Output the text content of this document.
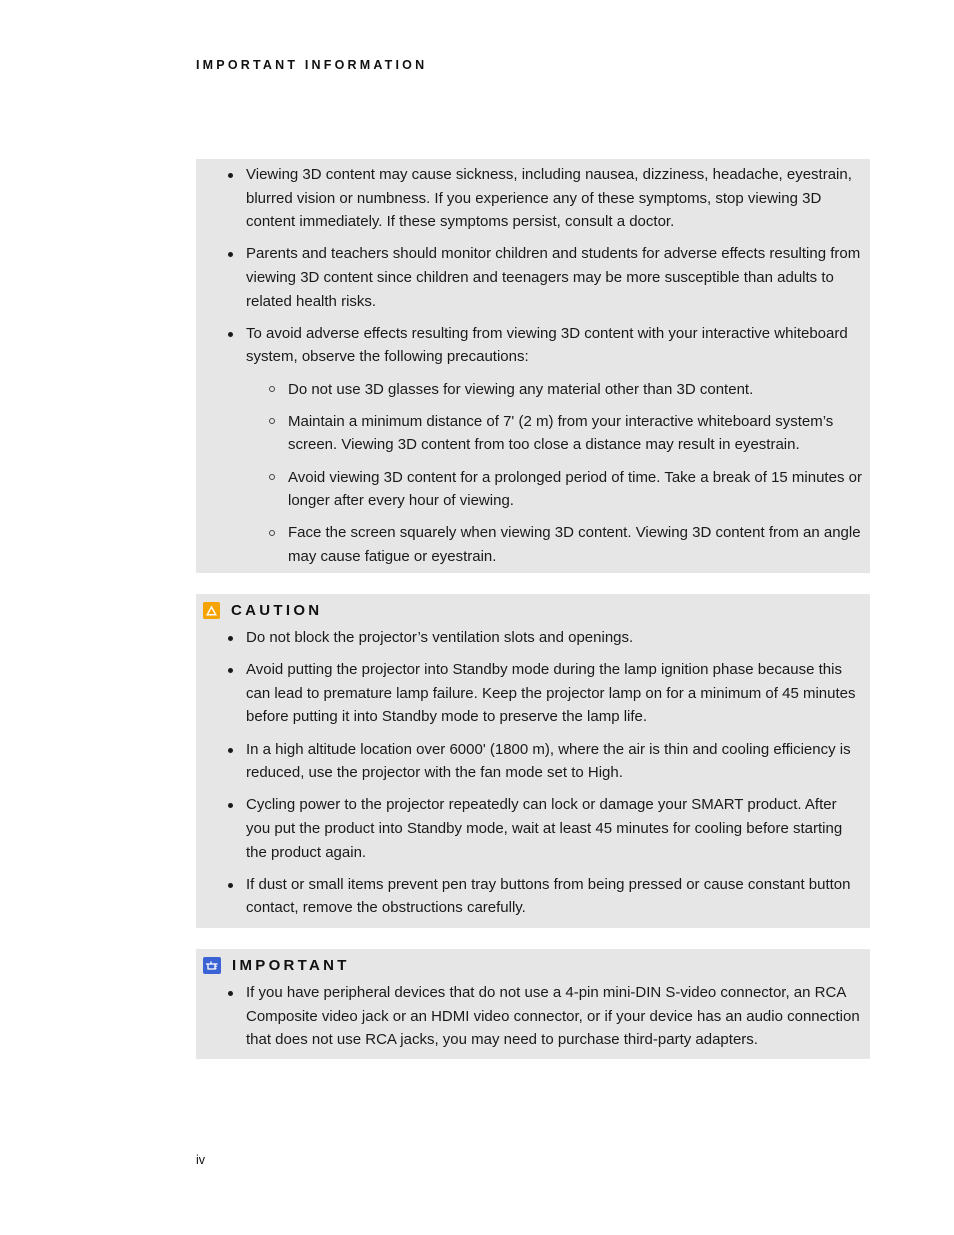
IMPORTANT INFORMATION
Viewing 3D content may cause sickness, including nausea, dizziness, headache, eyestrain, blurred vision or numbness. If you experience any of these symptoms, stop viewing 3D content immediately. If these symptoms persist, consult a doctor.
Parents and teachers should monitor children and students for adverse effects resulting from viewing 3D content since children and teenagers may be more susceptible than adults to related health risks.
To avoid adverse effects resulting from viewing 3D content with your interactive whiteboard system, observe the following precautions:
Do not use 3D glasses for viewing any material other than 3D content.
Maintain a minimum distance of 7' (2 m) from your interactive whiteboard system’s screen. Viewing 3D content from too close a distance may result in eyestrain.
Avoid viewing 3D content for a prolonged period of time. Take a break of 15 minutes or longer after every hour of viewing.
Face the screen squarely when viewing 3D content. Viewing 3D content from an angle may cause fatigue or eyestrain.
CAUTION
Do not block the projector’s ventilation slots and openings.
Avoid putting the projector into Standby mode during the lamp ignition phase because this can lead to premature lamp failure. Keep the projector lamp on for a minimum of 45 minutes before putting it into Standby mode to preserve the lamp life.
In a high altitude location over 6000' (1800 m), where the air is thin and cooling efficiency is reduced, use the projector with the fan mode set to High.
Cycling power to the projector repeatedly can lock or damage your SMART product. After you put the product into Standby mode, wait at least 45 minutes for cooling before starting the product again.
If dust or small items prevent pen tray buttons from being pressed or cause constant button contact, remove the obstructions carefully.
IMPORTANT
If you have peripheral devices that do not use a 4-pin mini-DIN S-video connector, an RCA Composite video jack or an HDMI video connector, or if your device has an audio connection that does not use RCA jacks, you may need to purchase third-party adapters.
iv
